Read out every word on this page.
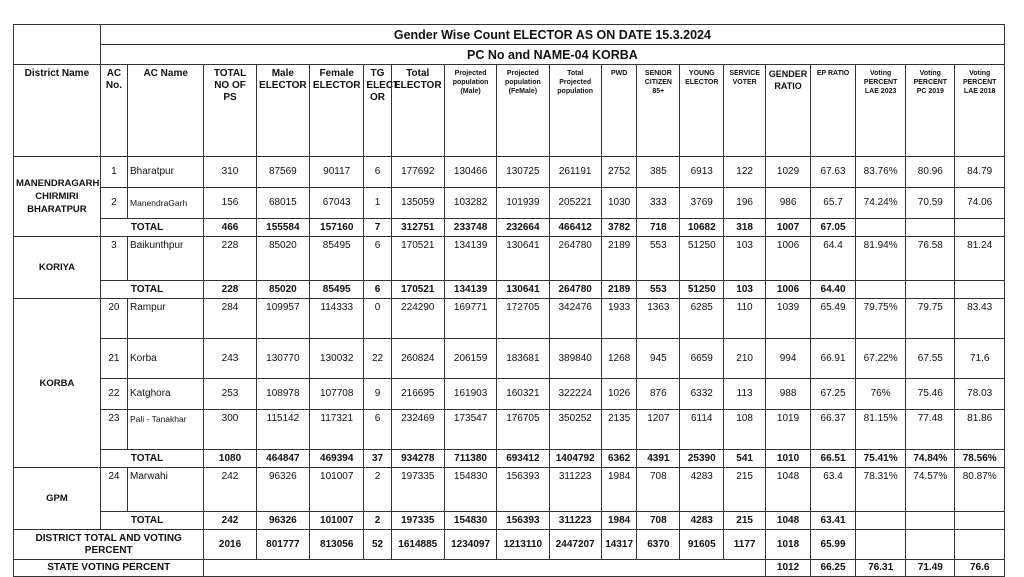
	Gender Wise Count ELECTOR AS ON DATE 15.3.2024																		
	PC No and NAME-04 KORBA																		
District Name	AC No.	AC Name	TOTAL NO OF PS	Male ELECTOR	Female ELECTOR	TG ELECT OR	Total ELECTOR	Projected population (Male)	Projected population (FeMale)	Total Projected population	PWD	SENIOR CITIZEN 85+	YOUNG ELECTOR	SERVICE VOTER	GENDER RATIO	EP RATIO	Voting PERCENT LAE 2023	Voting PERCENT PC 2019	Voting PERCENT LAE 2018
MANENDRAGARH CHIRMIRI BHARATPUR	1	Bharatpur	310	87569	90117	6	177692	130466	130725	261191	2752	385	6913	122	1029	67.63	83.76%	80.96	84.79
	2	ManendraGarh	156	68015	67043	1	135059	103282	101939	205221	1030	333	3769	196	986	65.7	74.24%	70.59	74.06
	TOTAL		466	155584	157160	7	312751	233748	232664	466412	3782	718	10682	318	1007	67.05			
KORIYA	3	Baikunthpur	228	85020	85495	6	170521	134139	130641	264780	2189	553	51250	103	1006	64.4	81.94%	76.58	81.24
	TOTAL		228	85020	85495	6	170521	134139	130641	264780	2189	553	51250	103	1006	64.40			
KORBA	20	Rampur	284	109957	114333	0	224290	169771	172705	342476	1933	1363	6285	110	1039	65.49	79.75%	79.75	83.43
	21	Korba	243	130770	130032	22	260824	206159	183681	389840	1268	945	6659	210	994	66.91	67.22%	67.55	71.6
	22	Katghora	253	108978	107708	9	216695	161903	160321	322224	1026	876	6332	113	988	67.25	76%	75.46	78.03
	23	Pali - Tanakhar	300	115142	117321	6	232469	173547	176705	350252	2135	1207	6114	108	1019	66.37	81.15%	77.48	81.86
	TOTAL		1080	464847	469394	37	934278	711380	693412	1404792	6362	4391	25390	541	1010	66.51	75.41%	74.84%	78.56%
GPM	24	Marwahi	242	96326	101007	2	197335	154830	156393	311223	1984	708	4283	215	1048	63.4	78.31%	74.57%	80.87%
	TOTAL		242	96326	101007	2	197335	154830	156393	311223	1984	708	4283	215	1048	63.41			
DISTRICT TOTAL AND VOTING PERCENT			2016	801777	813056	52	1614885	1234097	1213110	2447207	14317	6370	91605	1177	1018	65.99			
STATE VOTING PERCENT															1012	66.25	76.31	71.49	76.6
